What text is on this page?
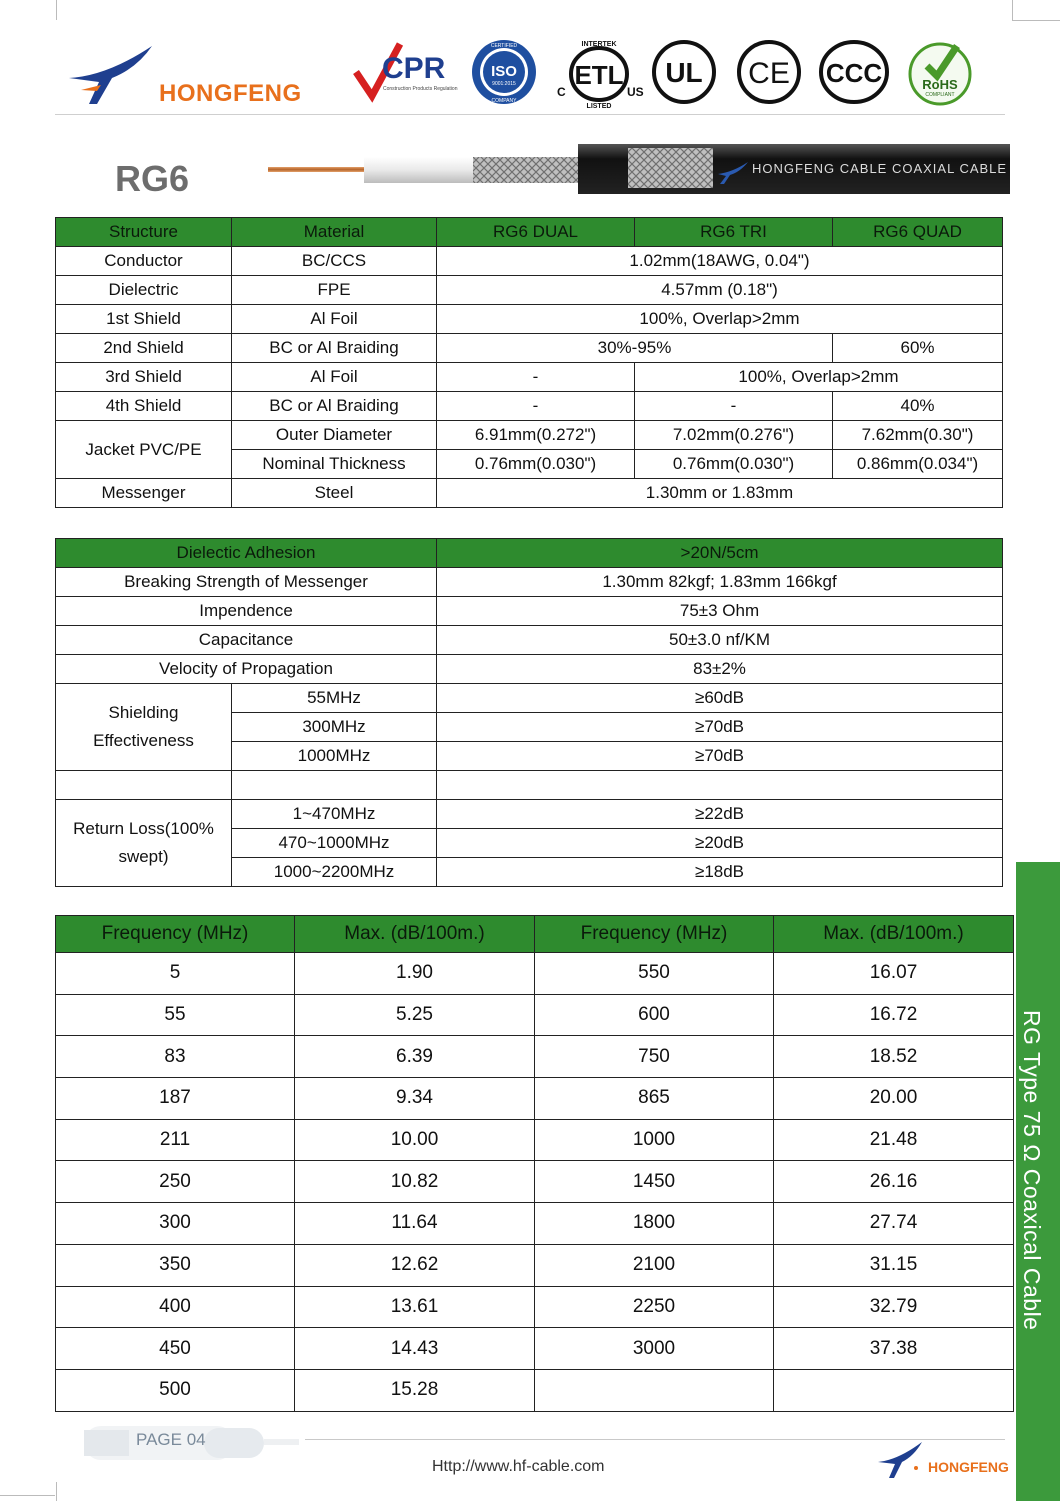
HONGFENG
CPR
Construction Products Regulation
ISO
9001:2015
CERTIFIED
COMPANY
ETL
INTERTEK
LISTED
C	US
UL CE CCC	RoHS
COMPLIANT
RG6	HONGFENG CABLE COAXIAL CABLE
Structure	Material	RG6 DUAL	RG6 TRI	RG6 QUAD
Conductor	BC/CCS	1.02mm(18AWG, 0.04")		
Dielectric	FPE	4.57mm (0.18")		
1st Shield	Al Foil	100%, Overlap>2mm		
2nd Shield	BC or Al Braiding	30%-95%		60%
3rd Shield	Al Foil	-	100%, Overlap>2mm	
4th Shield	BC or Al Braiding	-	-	40%
Jacket PVC/PE	Outer Diameter	6.91mm(0.272")	7.02mm(0.276")	7.62mm(0.30")
	Nominal Thickness	0.76mm(0.030")	0.76mm(0.030")	0.86mm(0.034")
Messenger	Steel	1.30mm or 1.83mm		
Dielectic Adhesion		>20N/5cm
Breaking Strength of Messenger		1.30mm 82kgf; 1.83mm 166kgf
Impendence		75±3 Ohm
Capacitance		50±3.0 nf/KM
Velocity of Propagation		83±2%
Shielding
Effectiveness	55MHz	≥60dB
	300MHz	≥70dB
	1000MHz	≥70dB

Return Loss(100%
swept)	1~470MHz	≥22dB
	470~1000MHz	≥20dB
	1000~2200MHz	≥18dB
Frequency (MHz)	Max. (dB/100m.)	Frequency (MHz)	Max. (dB/100m.)
5	1.90	550	16.07
55	5.25	600	16.72
83	6.39	750	18.52
187	9.34	865	20.00
211	10.00	1000	21.48
250	10.82	1450	26.16
300	11.64	1800	27.74
350	12.62	2100	31.15
400	13.61	2250	32.79
450	14.43	3000	37.38
500	15.28		
RG Type 75 Ω Coaxical Cable
PAGE 04
Http://www.hf-cable.com	HONGFENG
